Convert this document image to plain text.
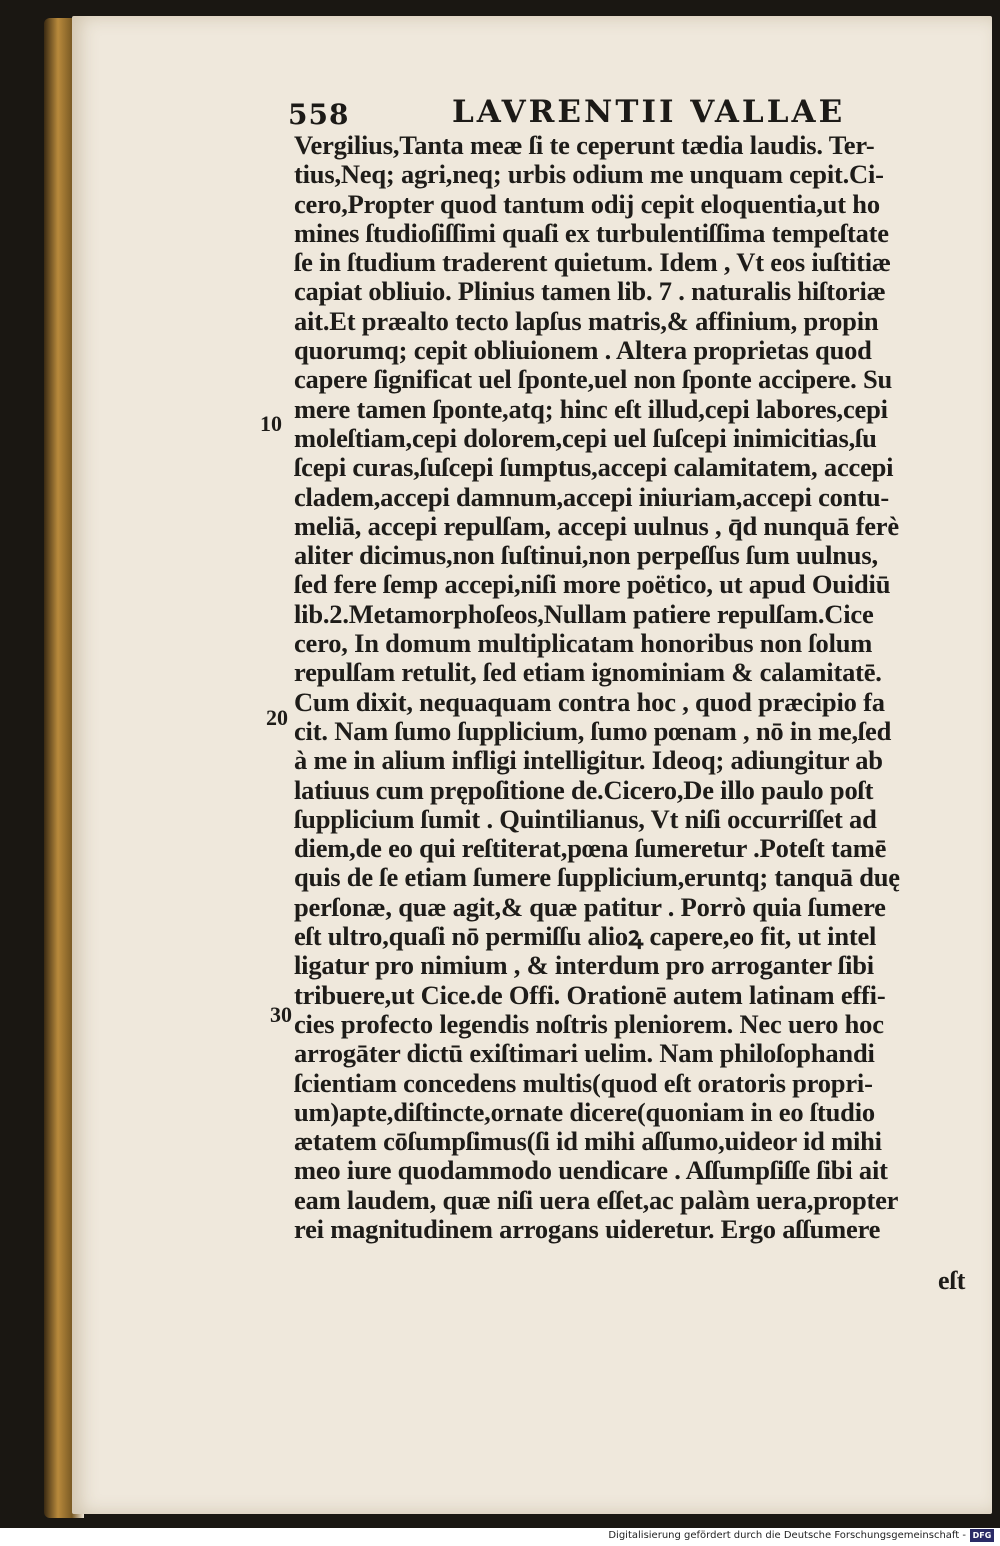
558	LAVRENTII VALLAE
Vergilius,Tanta meæ ſi te ceperunt tædia laudis. Ter-
tius,Neq; agri,neq; urbis odium me unquam cepit.Ci-
cero,Propter quod tantum odij cepit eloquentia,ut ho
mines ſtudioſiſſimi quaſi ex turbulentiſſima tempeſtate
ſe in ſtudium traderent quietum. Idem , Vt eos iuſtitiæ
capiat obliuio. Plinius tamen lib. 7 . naturalis hiſtoriæ
ait.Et præalto tecto lapſus matris,& affinium, propin
quorumq; cepit obliuionem . Altera proprietas quod
capere ſignificat uel ſponte,uel non ſponte accipere. Su
mere tamen ſponte,atq; hinc eſt illud,cepi labores,cepi
moleſtiam,cepi dolorem,cepi uel ſuſcepi inimicitias,ſu
ſcepi curas,ſuſcepi ſumptus,accepi calamitatem, accepi
cladem,accepi damnum,accepi iniuriam,accepi contu-
meliā, accepi repulſam, accepi uulnus , q̄d nunquā ferè
aliter dicimus,non ſuſtinui,non perpeſſus ſum uulnus,
ſed fere ſemp accepi,niſi more poëtico, ut apud Ouidiū
lib.2.Metamorphoſeos,Nullam patiere repulſam.Cice
cero, In domum multiplicatam honoribus non ſolum
repulſam retulit, ſed etiam ignominiam & calamitatē.
Cum dixit, nequaquam contra hoc , quod præcipio fa
cit. Nam ſumo ſupplicium, ſumo pœnam , nō in me,ſed
à me in alium infligi intelligitur. Ideoq; adiungitur ab
latiuus cum prępoſitione de.Cicero,De illo paulo poſt
ſupplicium ſumit . Quintilianus, Vt niſi occurriſſet ad
diem,de eo qui reſtiterat,pœna ſumeretur .Poteſt tamē
quis de ſe etiam ſumere ſupplicium,eruntq; tanquā duę
perſonæ, quæ agit,& quæ patitur . Porrò quia ſumere
eſt ultro,quaſi nō permiſſu alioꝝ capere,eo fit, ut intel
ligatur pro nimium , & interdum pro arroganter ſibi
tribuere,ut Cice.de Offi. Orationē autem latinam effi-
cies profecto legendis noſtris pleniorem. Nec uero hoc
arrogāter dictū exiſtimari uelim. Nam philoſophandi
ſcientiam concedens multis(quod eſt oratoris propri-
um)apte,diſtincte,ornate dicere(quoniam in eo ſtudio
ætatem cōſumpſimus(ſi id mihi aſſumo,uideor id mihi
meo iure quodammodo uendicare . Aſſumpſiſſe ſibi ait
eam laudem, quæ niſi uera eſſet,ac palàm uera,propter
rei magnitudinem arrogans uideretur. Ergo aſſumere
10
20
30
eſt
Digitalisierung gefördert durch die Deutsche Forschungsgemeinschaft - DFG
